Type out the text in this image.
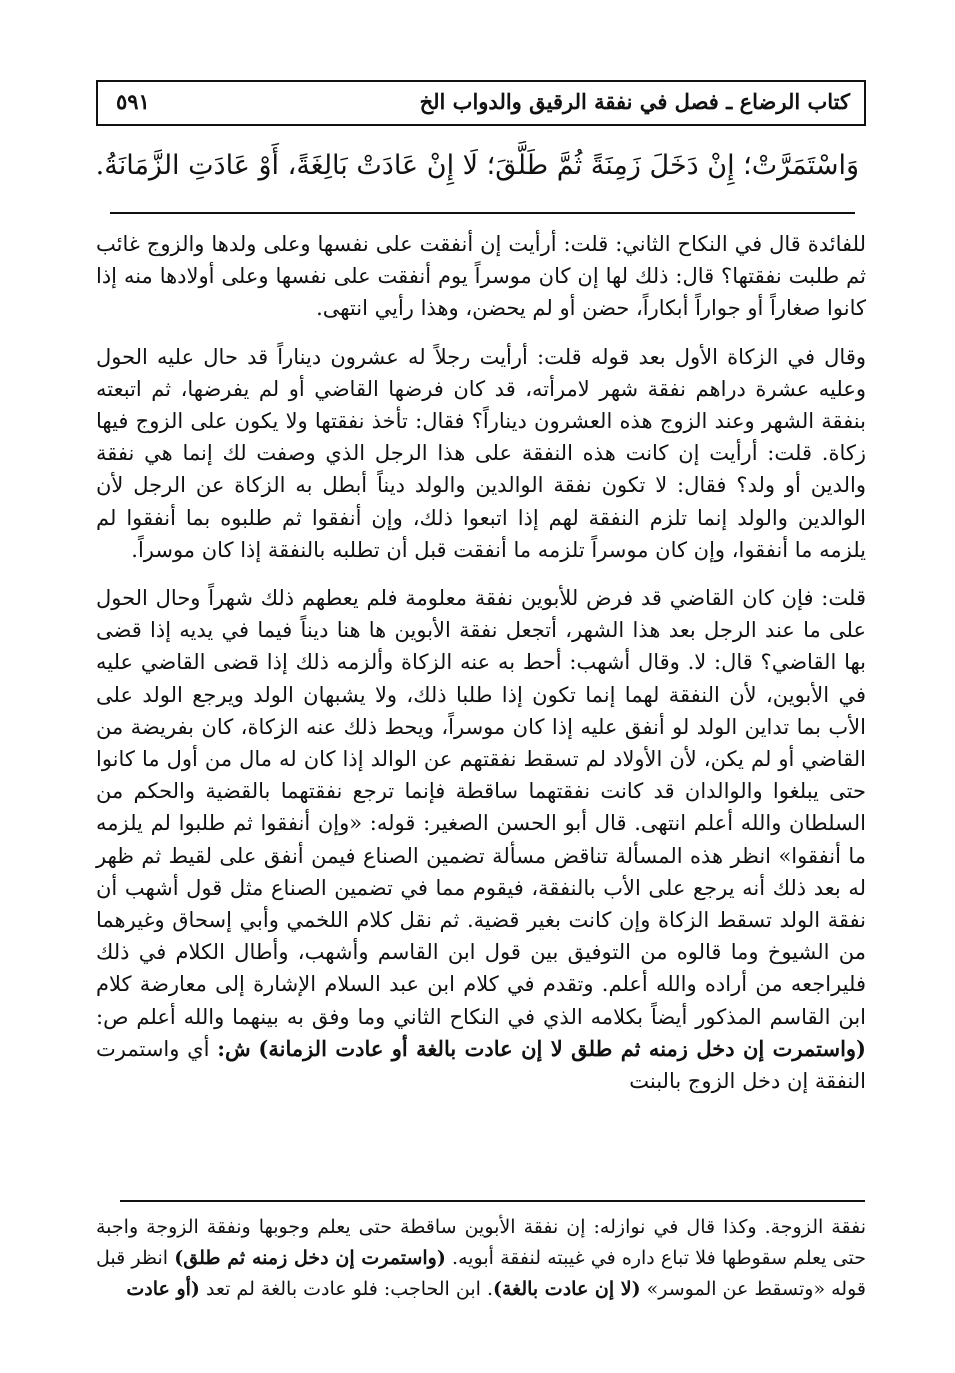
كتاب الرضاع ـ فصل في نفقة الرقيق والدواب الخ
٥٩١
وَاسْتَمَرَّتْ؛ إِنْ دَخَلَ زَمِنَةً ثُمَّ طَلَّقَ؛ لَا إِنْ عَادَتْ بَالِغَةً، أَوْ عَادَتِ الزَّمَانَةُ.

للفائدة قال في النكاح الثاني: قلت: أرأيت إن أنفقت على نفسها وعلى ولدها والزوج غائب ثم طلبت نفقتها؟ قال: ذلك لها إن كان موسراً يوم أنفقت على نفسها وعلى أولادها منه إذا كانوا صغاراً أو جواراً أبكاراً، حضن أو لم يحضن، وهذا رأيي انتهى.

وقال في الزكاة الأول بعد قوله قلت: أرأيت رجلاً له عشرون ديناراً قد حال عليه الحول وعليه عشرة دراهم نفقة شهر لامرأته، قد كان فرضها القاضي أو لم يفرضها، ثم اتبعته بنفقة الشهر وعند الزوج هذه العشرون ديناراً؟ فقال: تأخذ نفقتها ولا يكون على الزوج فيها زكاة. قلت: أرأيت إن كانت هذه النفقة على هذا الرجل الذي وصفت لك إنما هي نفقة والدين أو ولد؟ فقال: لا تكون نفقة الوالدين والولد ديناً أبطل به الزكاة عن الرجل لأن الوالدين والولد إنما تلزم النفقة لهم إذا اتبعوا ذلك، وإن أنفقوا ثم طلبوه بما أنفقوا لم يلزمه ما أنفقوا، وإن كان موسراً تلزمه ما أنفقت قبل أن تطلبه بالنفقة إذا كان موسراً.

قلت: فإن كان القاضي قد فرض للأبوين نفقة معلومة فلم يعطهم ذلك شهراً وحال الحول على ما عند الرجل بعد هذا الشهر، أتجعل نفقة الأبوين ها هنا ديناً فيما في يديه إذا قضى بها القاضي؟ قال: لا. وقال أشهب: أحط به عنه الزكاة وألزمه ذلك إذا قضى القاضي عليه في الأبوين، لأن النفقة لهما إنما تكون إذا طلبا ذلك، ولا يشبهان الولد ويرجع الولد على الأب بما تداين الولد لو أنفق عليه إذا كان موسراً، ويحط ذلك عنه الزكاة، كان بفريضة من القاضي أو لم يكن، لأن الأولاد لم تسقط نفقتهم عن الوالد إذا كان له مال من أول ما كانوا حتى يبلغوا والوالدان قد كانت نفقتهما ساقطة فإنما ترجع نفقتهما بالقضية والحكم من السلطان والله أعلم انتهى. قال أبو الحسن الصغير: قوله: «وإن أنفقوا ثم طلبوا لم يلزمه ما أنفقوا» انظر هذه المسألة تناقض مسألة تضمين الصناع فيمن أنفق على لقيط ثم ظهر له بعد ذلك أنه يرجع على الأب بالنفقة، فيقوم مما في تضمين الصناع مثل قول أشهب أن نفقة الولد تسقط الزكاة وإن كانت بغير قضية. ثم نقل كلام اللخمي وأبي إسحاق وغيرهما من الشيوخ وما قالوه من التوفيق بين قول ابن القاسم وأشهب، وأطال الكلام في ذلك فليراجعه من أراده والله أعلم. وتقدم في كلام ابن عبد السلام الإشارة إلى معارضة كلام ابن القاسم المذكور أيضاً بكلامه الذي في النكاح الثاني وما وفق به بينهما والله أعلم ص: (واستمرت إن دخل زمنه ثم طلق لا إن عادت بالغة أو عادت الزمانة) ش: أي واستمرت النفقة إن دخل الزوج بالبنت

نفقة الزوجة. وكذا قال في نوازله: إن نفقة الأبوين ساقطة حتى يعلم وجوبها ونفقة الزوجة واجبة حتى يعلم سقوطها فلا تباع داره في غيبته لنفقة أبويه. (واستمرت إن دخل زمنه ثم طلق) انظر قبل قوله «وتسقط عن الموسر» (لا إن عادت بالغة). ابن الحاجب: فلو عادت بالغة لم تعد (أو عادت
